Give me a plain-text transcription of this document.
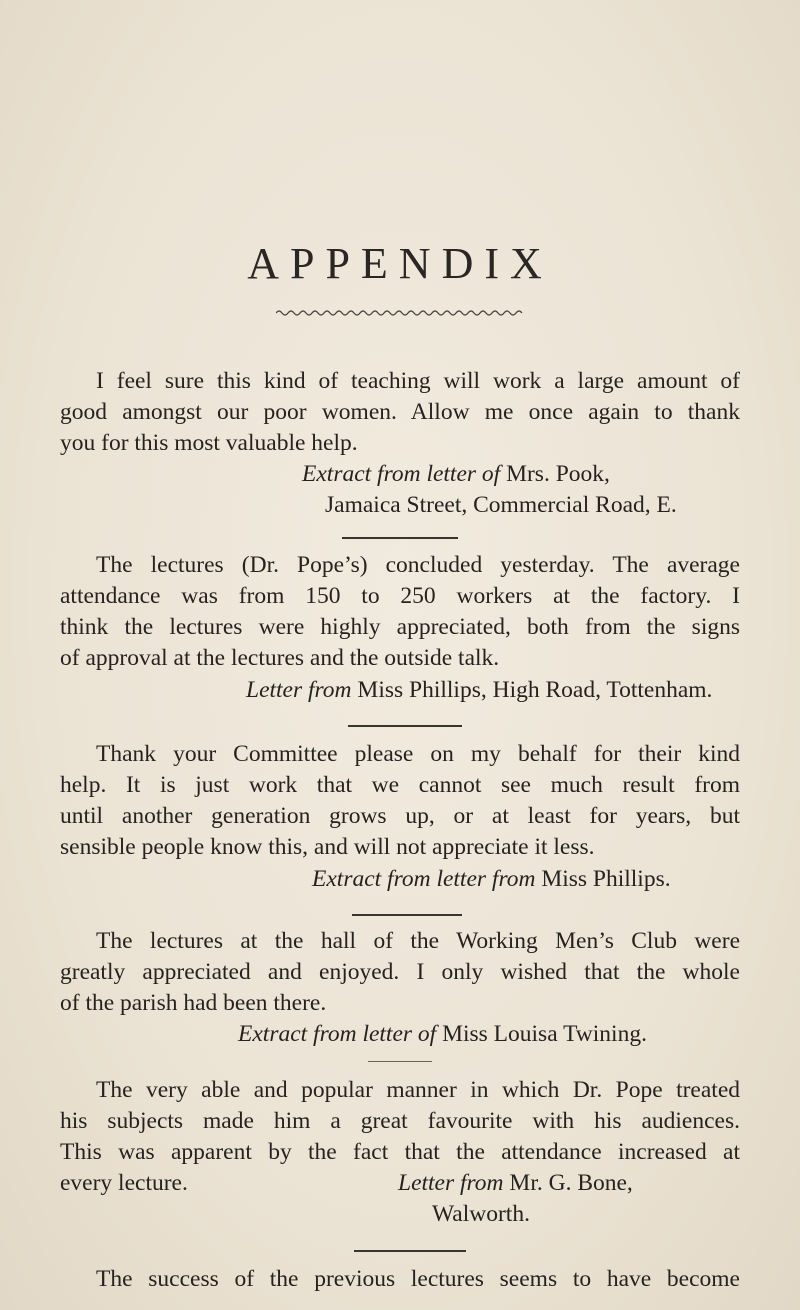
APPENDIX
I feel sure this kind of teaching will work a large amount of
good amongst our poor women. Allow me once again to thank
you for this most valuable help.
Extract from letter of Mrs. Pook,
Jamaica Street, Commercial Road, E.
The lectures (Dr. Pope’s) concluded yesterday. The average
attendance was from 150 to 250 workers at the factory. I
think the lectures were highly appreciated, both from the signs
of approval at the lectures and the outside talk.
Letter from Miss Phillips, High Road, Tottenham.
Thank your Committee please on my behalf for their kind
help. It is just work that we cannot see much result from
until another generation grows up, or at least for years, but
sensible people know this, and will not appreciate it less.
Extract from letter from Miss Phillips.
The lectures at the hall of the Working Men’s Club were
greatly appreciated and enjoyed. I only wished that the whole
of the parish had been there.
Extract from letter of Miss Louisa Twining.
The very able and popular manner in which Dr. Pope treated
his subjects made him a great favourite with his audiences.
This was apparent by the fact that the attendance increased at
every lecture.	Letter from Mr. G. Bone,
Walworth.
The success of the previous lectures seems to have become
